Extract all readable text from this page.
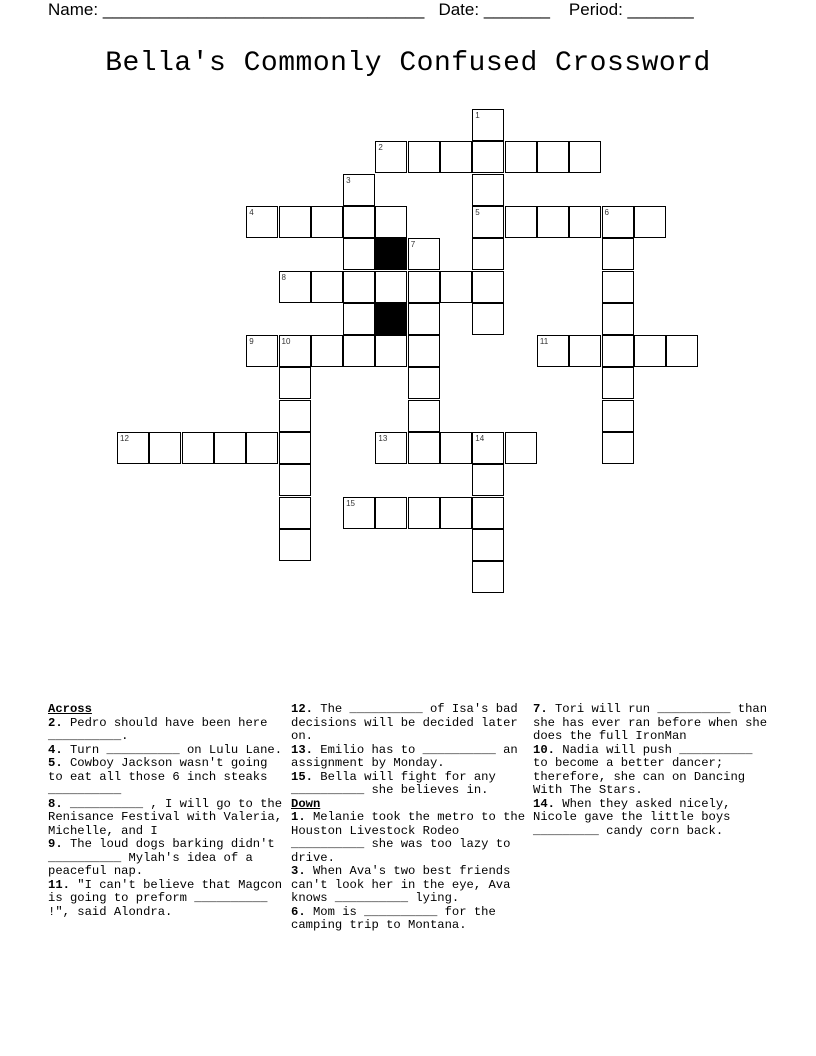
Name: __________________________________ Date: _______ Period: _______
Bella's Commonly Confused Crossword
1
2
3
4	5	6
7
8
9	10	11
12	13	14
15

Across

2. Pedro should have been here __________.

4. Turn __________ on Lulu Lane.

5. Cowboy Jackson wasn't going to eat all those 6 inch steaks __________

8. __________ , I will go to the Renisance Festival with Valeria, Michelle, and I

9. The loud dogs barking didn't __________ Mylah's idea of a peaceful nap.

11. "I can't believe that Magcon is going to preform __________ !", said Alondra.

12. The __________ of Isa's bad decisions will be decided later on.

13. Emilio has to __________ an assignment by Monday.

15. Bella will fight for any __________ she believes in.

Down

1. Melanie took the metro to the Houston Livestock Rodeo __________ she was too lazy to drive.

3. When Ava's two best friends can't look her in the eye, Ava knows __________ lying.

6. Mom is __________ for the camping trip to Montana.

7. Tori will run __________ than she has ever ran before when she does the full IronMan

10. Nadia will push __________ to become a better dancer; therefore, she can on Dancing With The Stars.

14. When they asked nicely, Nicole gave the little boys _________ candy corn back.
